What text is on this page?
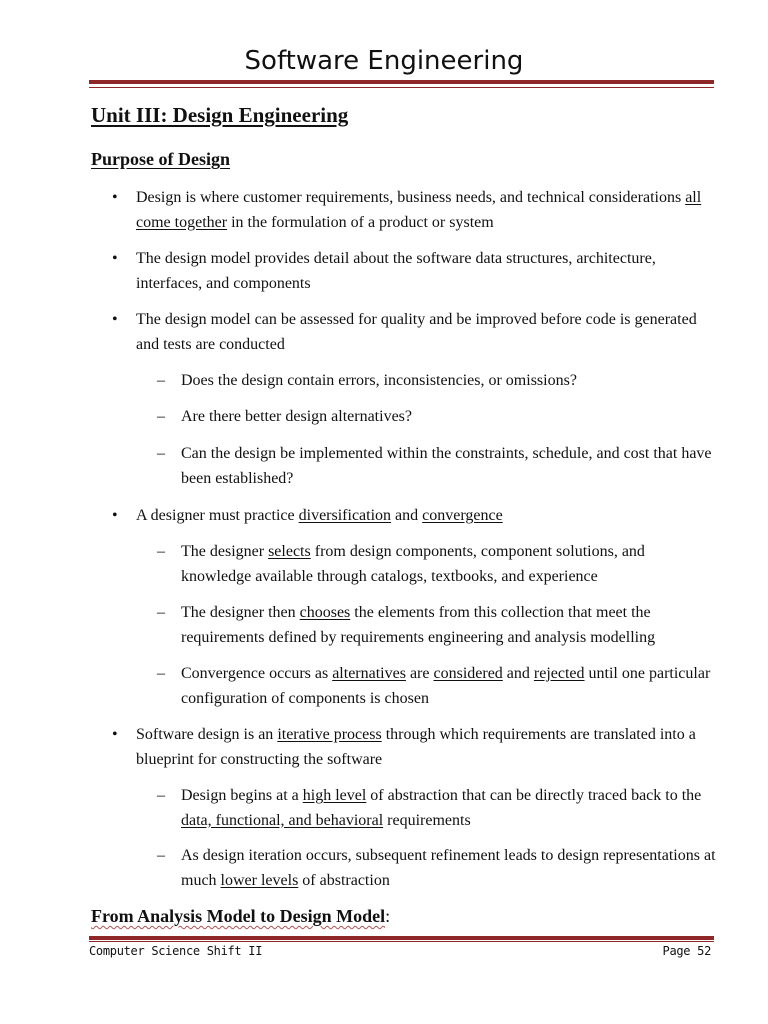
Software Engineering
Unit III: Design Engineering
Purpose of Design
• Design is where customer requirements, business needs, and technical considerations all come together in the formulation of a product or system
• The design model provides detail about the software data structures, architecture, interfaces, and components
• The design model can be assessed for quality and be improved before code is generated and tests are conducted
– Does the design contain errors, inconsistencies, or omissions?
– Are there better design alternatives?
– Can the design be implemented within the constraints, schedule, and cost that have been established?
• A designer must practice diversification and convergence
– The designer selects from design components, component solutions, and knowledge available through catalogs, textbooks, and experience
– The designer then chooses the elements from this collection that meet the requirements defined by requirements engineering and analysis modelling
– Convergence occurs as alternatives are considered and rejected until one particular configuration of components is chosen
• Software design is an iterative process through which requirements are translated into a blueprint for constructing the software
– Design begins at a high level of abstraction that can be directly traced back to the data, functional, and behavioral requirements
– As design iteration occurs, subsequent refinement leads to design representations at much lower levels of abstraction
From Analysis Model to Design Model:
Computer Science Shift II	Page 52
